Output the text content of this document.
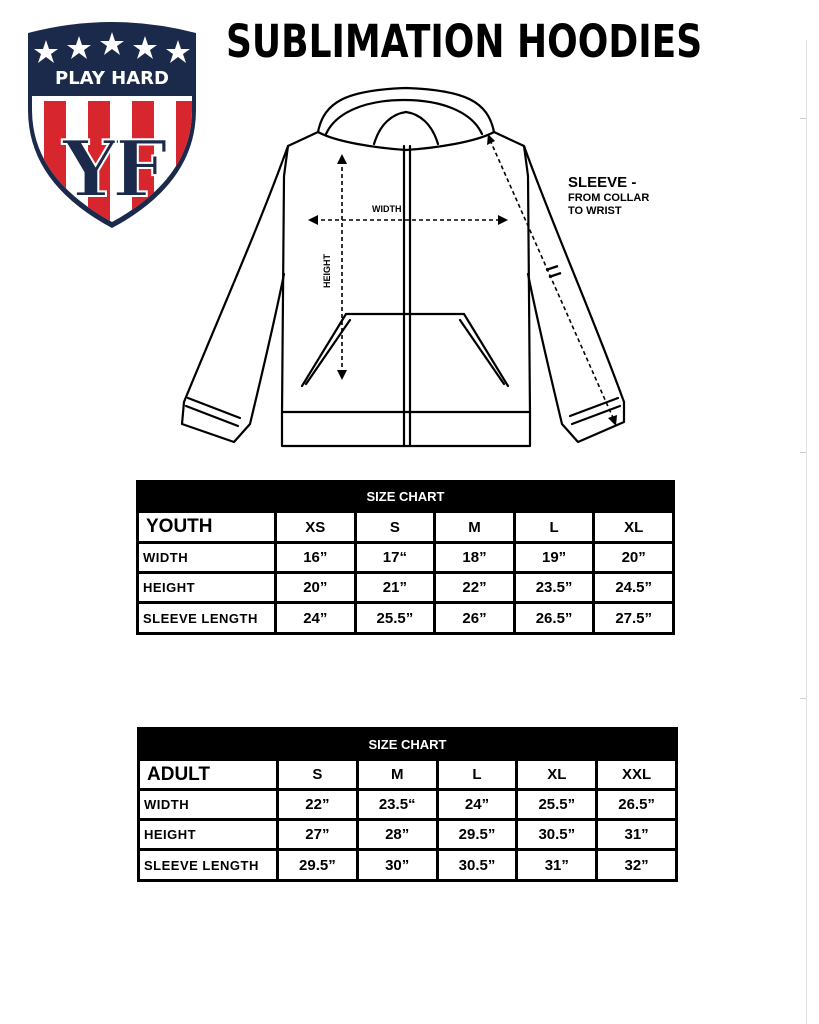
PLAY HARD
YF
SUBLIMATION HOODIES
WIDTH
HEIGHT
SLEEVE -
FROM COLLAR
TO WRIST
SIZE CHART					
YOUTH	XS	S	M	L	XL
WIDTH	16”	17“	18”	19”	20”
HEIGHT	20”	21”	22”	23.5”	24.5”
SLEEVE LENGTH	24”	25.5”	26”	26.5”	27.5”
SIZE CHART					
ADULT	S	M	L	XL	XXL
WIDTH	22”	23.5“	24”	25.5”	26.5”
HEIGHT	27”	28”	29.5”	30.5”	31”
SLEEVE LENGTH	29.5”	30”	30.5”	31”	32”
